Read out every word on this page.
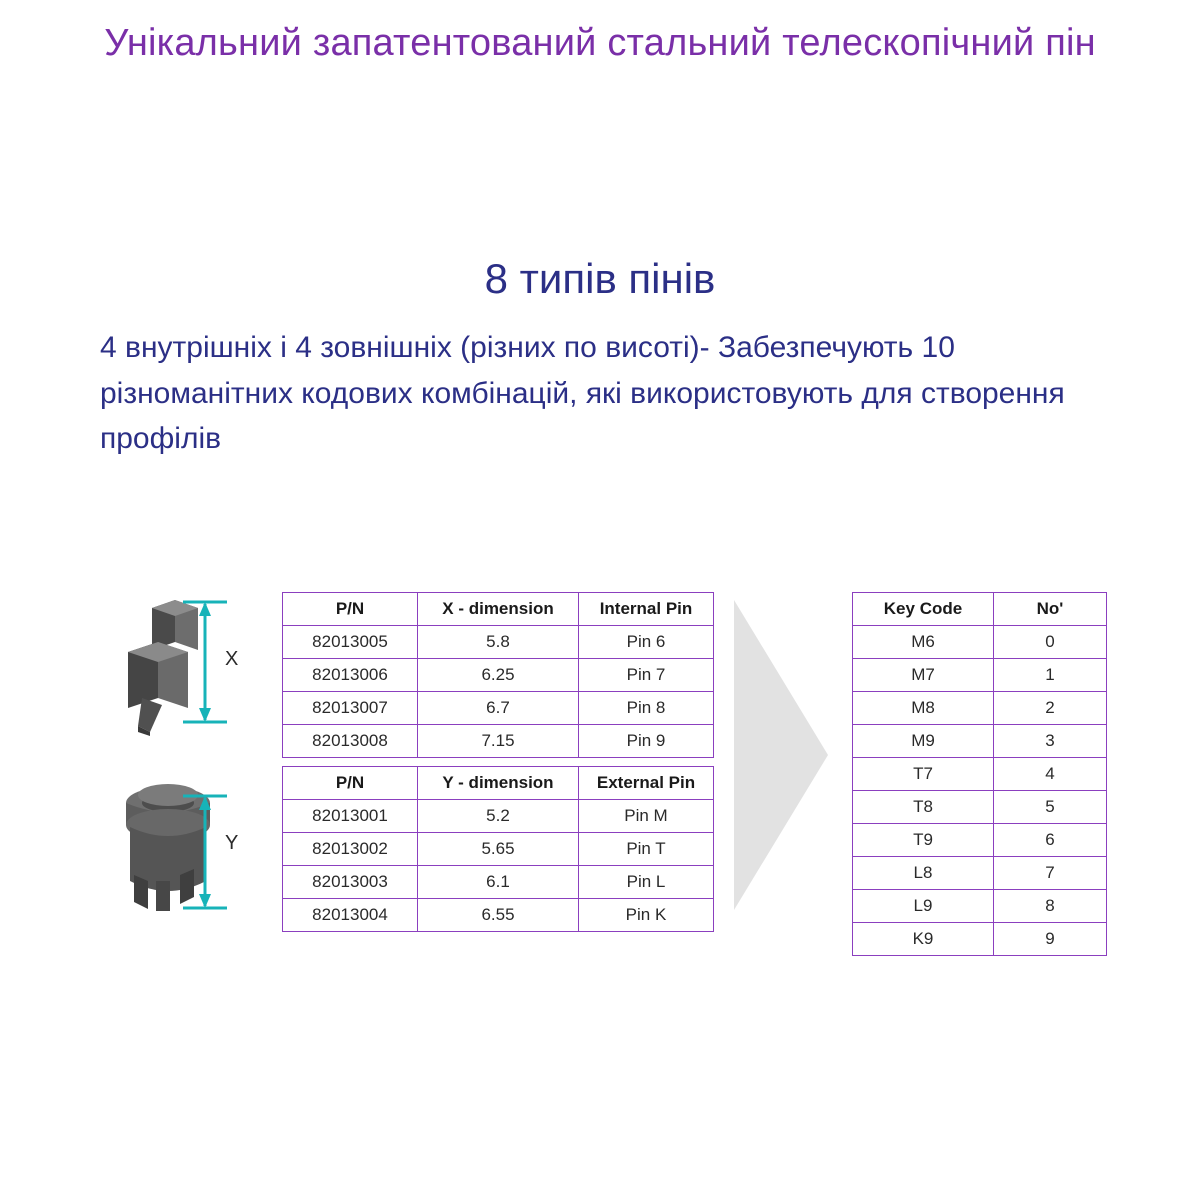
Унікальний запатентований стальний телескопічний пін
8 типів пінів
4 внутрішніх і 4 зовнішніх (різних по висоті)- Забезпечують 10 різноманітних кодових комбінацій, які використовують для створення профілів
X
Y
P/N	X - dimension	Internal Pin
82013005	5.8	Pin 6
82013006	6.25	Pin 7
82013007	6.7	Pin 8
82013008	7.15	Pin 9
P/N	Y - dimension	External Pin
82013001	5.2	Pin M
82013002	5.65	Pin T
82013003	6.1	Pin L
82013004	6.55	Pin K
Key Code	No'
M6	0
M7	1
M8	2
M9	3
T7	4
T8	5
T9	6
L8	7
L9	8
K9	9
